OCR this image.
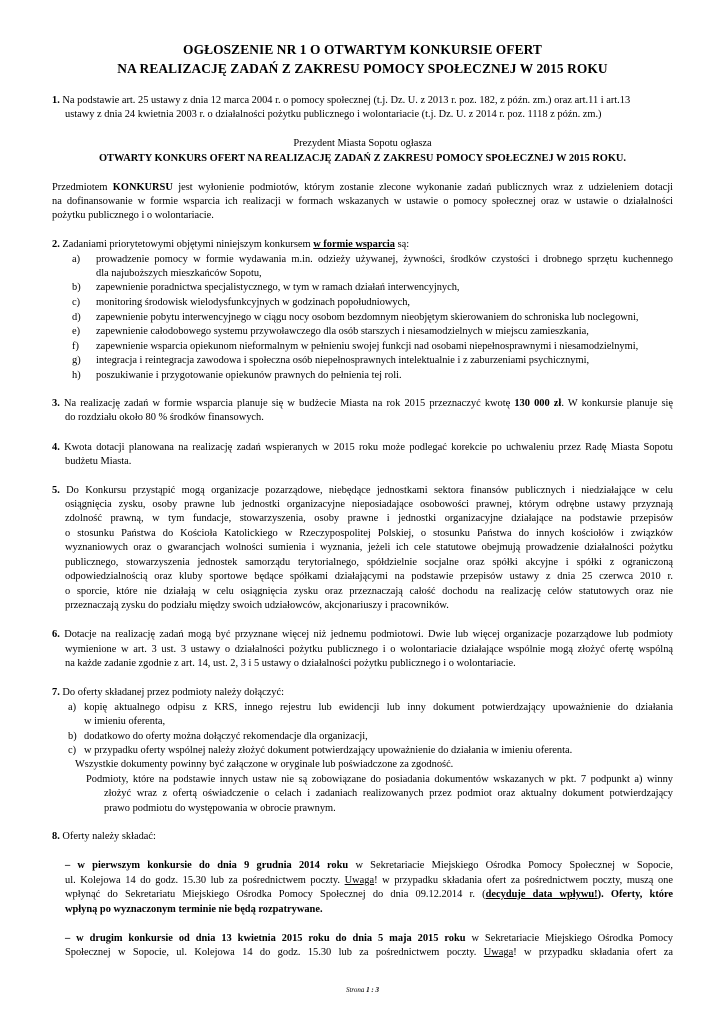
OGŁOSZENIE NR 1 O OTWARTYM KONKURSIE OFERT
NA REALIZACJĘ ZADAŃ Z ZAKRESU POMOCY SPOŁECZNEJ W 2015 ROKU
1. Na podstawie art. 25 ustawy z dnia 12 marca 2004 r. o pomocy społecznej (t.j. Dz. U. z 2013 r. poz. 182, z późn. zm.) oraz art.11 i art.13
ustawy z dnia 24 kwietnia 2003 r. o działalności pożytku publicznego i wolontariacie (t.j. Dz. U. z 2014 r. poz. 1118 z późn. zm.)
Prezydent Miasta Sopotu ogłasza
OTWARTY KONKURS OFERT NA REALIZACJĘ ZADAŃ Z ZAKRESU POMOCY SPOŁECZNEJ W 2015 ROKU.
Przedmiotem KONKURSU jest wyłonienie podmiotów, którym zostanie zlecone wykonanie zadań publicznych wraz z udzieleniem dotacji
na dofinansowanie w formie wsparcia ich realizacji w formach wskazanych w ustawie o pomocy społecznej oraz w ustawie o działalności
pożytku publicznego i o wolontariacie.
2. Zadaniami priorytetowymi objętymi niniejszym konkursem w formie wsparcia są:
a) prowadzenie pomocy w formie wydawania m.in. odzieży używanej, żywności, środków czystości i drobnego sprzętu kuchennego
dla najuboższych mieszkańców Sopotu,
b) zapewnienie poradnictwa specjalistycznego, w tym w ramach działań interwencyjnych,
c) monitoring środowisk wielodysfunkcyjnych w godzinach popołudniowych,
d) zapewnienie pobytu interwencyjnego w ciągu nocy osobom bezdomnym nieobjętym skierowaniem do schroniska lub noclegowni,
e) zapewnienie całodobowego systemu przywoławczego dla osób starszych i niesamodzielnych w miejscu zamieszkania,
f) zapewnienie wsparcia opiekunom nieformalnym w pełnieniu swojej funkcji nad osobami niepełnosprawnymi i niesamodzielnymi,
g) integracja i reintegracja zawodowa i społeczna osób niepełnosprawnych intelektualnie i z zaburzeniami psychicznymi,
h) poszukiwanie i przygotowanie opiekunów prawnych do pełnienia tej roli.
3. Na realizację zadań w formie wsparcia planuje się w budżecie Miasta na rok 2015 przeznaczyć kwotę 130 000 zł. W konkursie planuje się
do rozdziału około 80 % środków finansowych.
4. Kwota dotacji planowana na realizację zadań wspieranych w 2015 roku może podlegać korekcie po uchwaleniu przez Radę Miasta Sopotu
budżetu Miasta.
5. Do Konkursu przystąpić mogą organizacje pozarządowe, niebędące jednostkami sektora finansów publicznych i niedziałające w celu
osiągnięcia zysku, osoby prawne lub jednostki organizacyjne nieposiadające osobowości prawnej, którym odrębne ustawy przyznają
zdolność prawną, w tym fundacje, stowarzyszenia, osoby prawne i jednostki organizacyjne działające na podstawie przepisów
o stosunku Państwa do Kościoła Katolickiego w Rzeczypospolitej Polskiej, o stosunku Państwa do innych kościołów i związków
wyznaniowych oraz o gwarancjach wolności sumienia i wyznania, jeżeli ich cele statutowe obejmują prowadzenie działalności pożytku
publicznego, stowarzyszenia jednostek samorządu terytorialnego, spółdzielnie socjalne oraz spółki akcyjne i spółki z ograniczoną
odpowiedzialnością oraz kluby sportowe będące spółkami działającymi na podstawie przepisów ustawy z dnia 25 czerwca 2010 r.
o sporcie, które nie działają w celu osiągnięcia zysku oraz przeznaczają całość dochodu na realizację celów statutowych oraz nie
przeznaczają zysku do podziału między swoich udziałowców, akcjonariuszy i pracowników.
6. Dotacje na realizację zadań mogą być przyznane więcej niż jednemu podmiotowi. Dwie lub więcej organizacje pozarządowe lub podmioty
wymienione w art. 3 ust. 3 ustawy o działalności pożytku publicznego i o wolontariacie działające wspólnie mogą złożyć ofertę wspólną
na każde zadanie zgodnie z art. 14, ust. 2, 3 i 5 ustawy o działalności pożytku publicznego i o wolontariacie.
7. Do oferty składanej przez podmioty należy dołączyć:
a) kopię aktualnego odpisu z KRS, innego rejestru lub ewidencji lub inny dokument potwierdzający upoważnienie do działania
w imieniu oferenta,
b) dodatkowo do oferty można dołączyć rekomendacje dla organizacji,
c) w przypadku oferty wspólnej należy złożyć dokument potwierdzający upoważnienie do działania w imieniu oferenta.
Wszystkie dokumenty powinny być załączone w oryginale lub poświadczone za zgodność.
Podmioty, które na podstawie innych ustaw nie są zobowiązane do posiadania dokumentów wskazanych w pkt. 7 podpunkt a) winny
złożyć wraz z ofertą oświadczenie o celach i zadaniach realizowanych przez podmiot oraz aktualny dokument potwierdzający
prawo podmiotu do występowania w obrocie prawnym.
8. Oferty należy składać:
– w pierwszym konkursie do dnia 9 grudnia 2014 roku w Sekretariacie Miejskiego Ośrodka Pomocy Społecznej w Sopocie,
ul. Kolejowa 14 do godz. 15.30 lub za pośrednictwem poczty. Uwaga! w przypadku składania ofert za pośrednictwem poczty, muszą one
wpłynąć do Sekretariatu Miejskiego Ośrodka Pomocy Społecznej do dnia 09.12.2014 r. (decyduje data wpływu!). Oferty, które
wpłyną po wyznaczonym terminie nie będą rozpatrywane.
– w drugim konkursie od dnia 13 kwietnia 2015 roku do dnia 5 maja 2015 roku w Sekretariacie Miejskiego Ośrodka Pomocy
Społecznej w Sopocie, ul. Kolejowa 14 do godz. 15.30 lub za pośrednictwem poczty. Uwaga! w przypadku składania ofert za
Strona 1 : 3
